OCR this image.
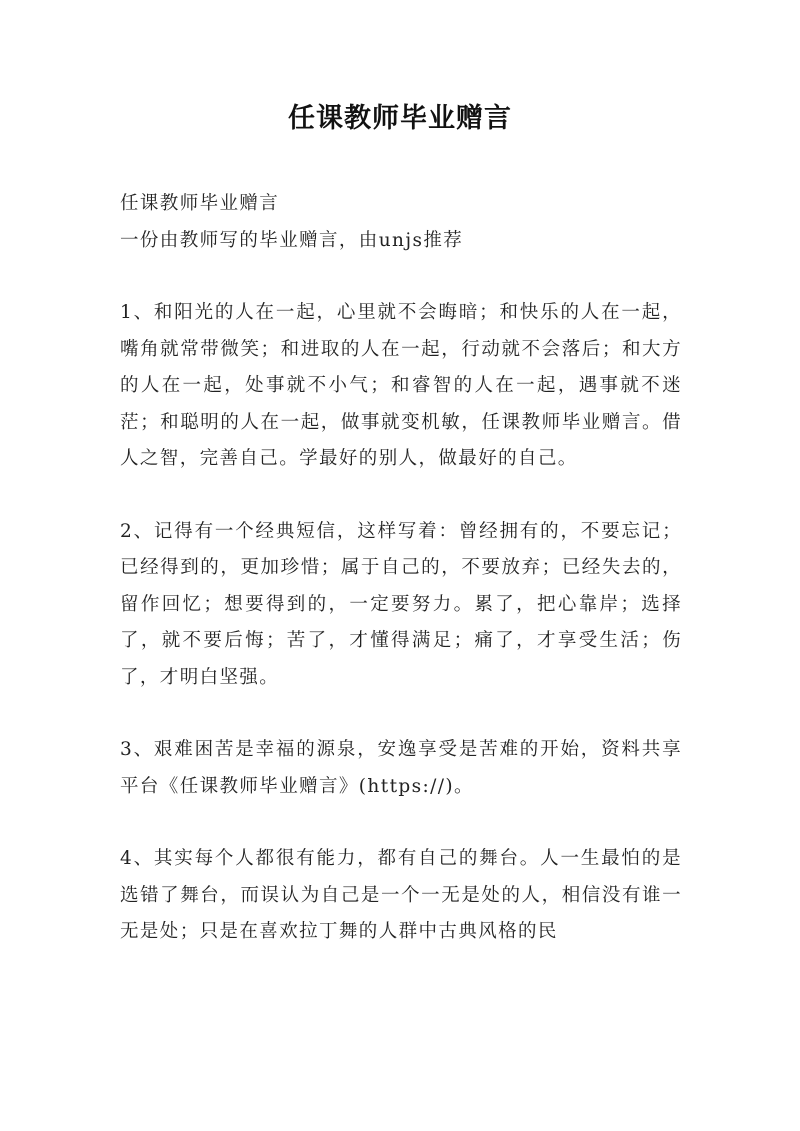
任课教师毕业赠言

任课教师毕业赠言

一份由教师写的毕业赠言，由unjs推荐

1、和阳光的人在一起，心里就不会晦暗；和快乐的人在一起，嘴角就常带微笑；和进取的人在一起，行动就不会落后；和大方的人在一起，处事就不小气；和睿智的人在一起，遇事就不迷茫；和聪明的人在一起，做事就变机敏，任课教师毕业赠言。借人之智，完善自己。学最好的别人，做最好的自己。

2、记得有一个经典短信，这样写着：曾经拥有的，不要忘记；已经得到的，更加珍惜；属于自己的，不要放弃；已经失去的，留作回忆；想要得到的，一定要努力。累了，把心靠岸；选择了，就不要后悔；苦了，才懂得满足；痛了，才享受生活；伤了，才明白坚强。

3、艰难困苦是幸福的源泉，安逸享受是苦难的开始，资料共享平台《任课教师毕业赠言》(https://)。

4、其实每个人都很有能力，都有自己的舞台。人一生最怕的是选错了舞台，而误认为自己是一个一无是处的人，相信没有谁一无是处；只是在喜欢拉丁舞的人群中古典风格的民
